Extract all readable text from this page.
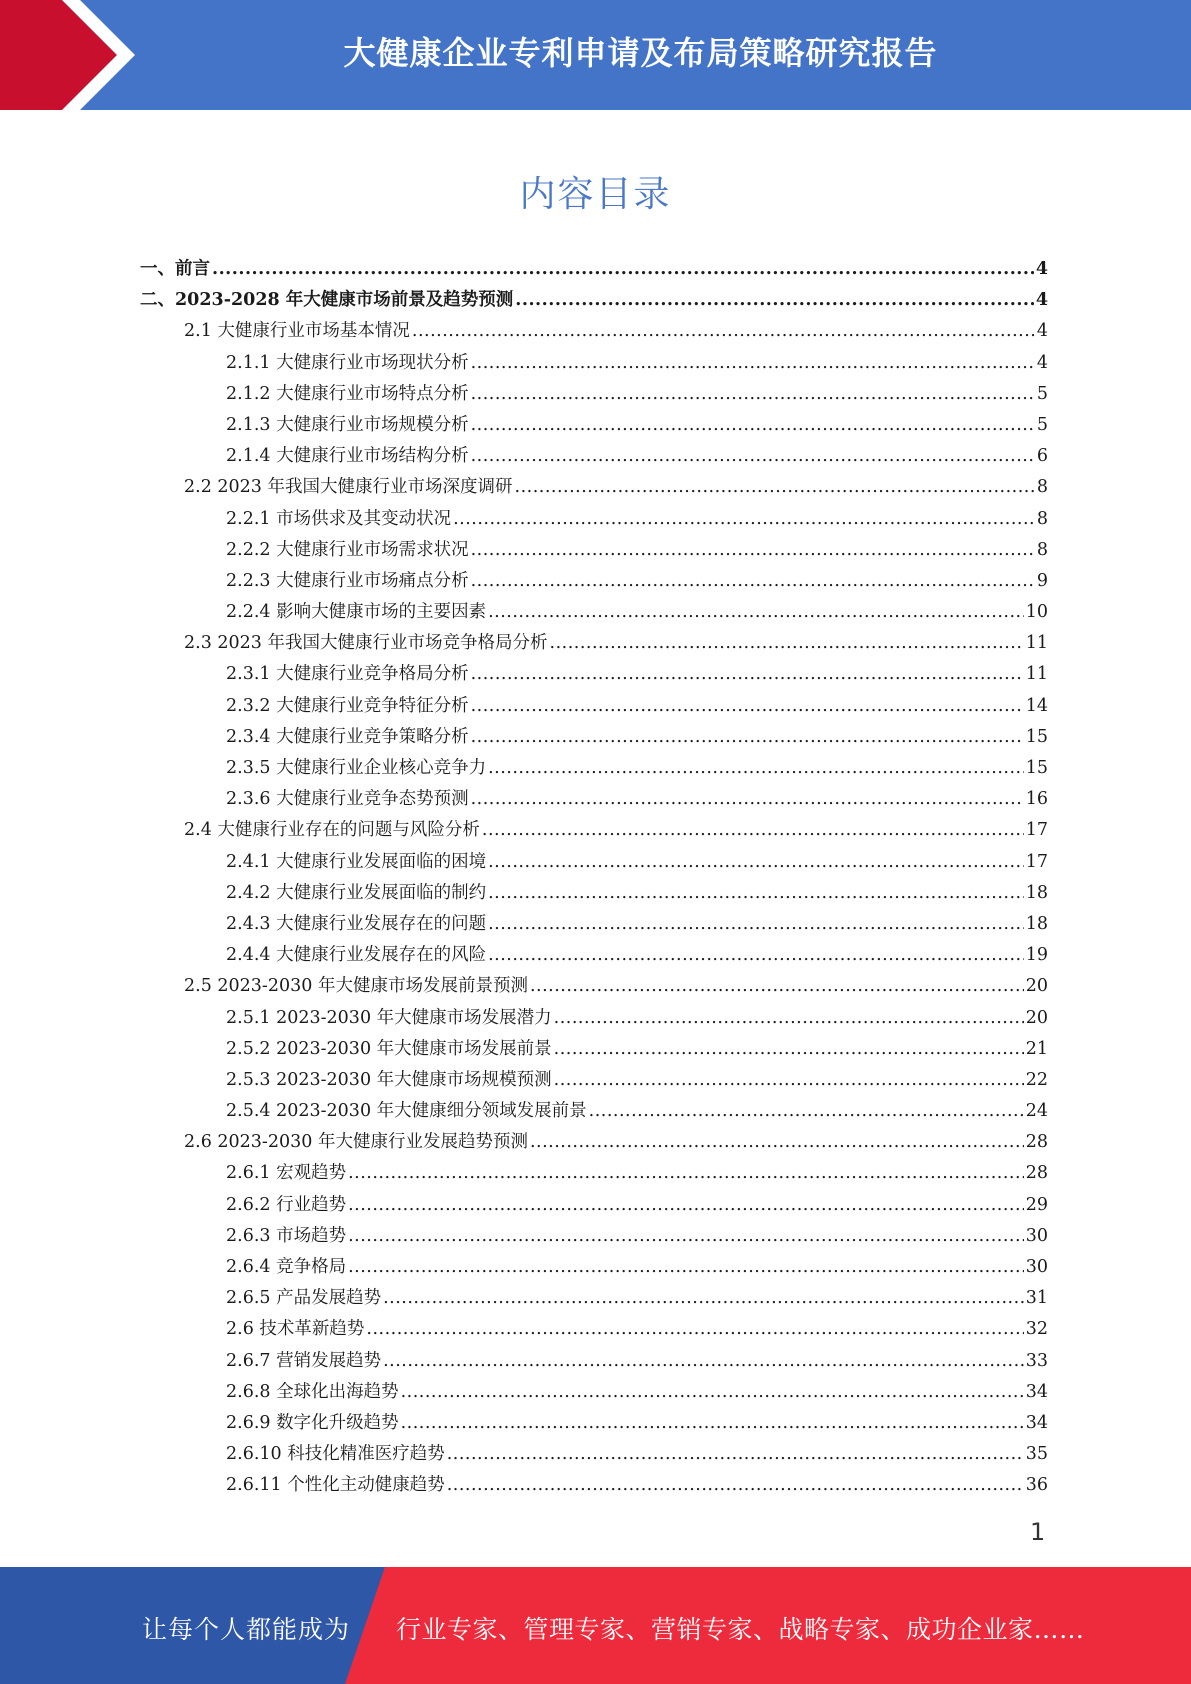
大健康企业专利申请及布局策略研究报告
内容目录
一、前言 .....	4
二、2023-2028 年大健康市场前景及趋势预测 .....	4
2.1 大健康行业市场基本情况 .....	4
2.1.1 大健康行业市场现状分析 .....	4
2.1.2 大健康行业市场特点分析 .....	5
2.1.3 大健康行业市场规模分析 .....	5
2.1.4 大健康行业市场结构分析 .....	6
2.2 2023 年我国大健康行业市场深度调研 .....	8
2.2.1 市场供求及其变动状况 .....	8
2.2.2 大健康行业市场需求状况 .....	8
2.2.3 大健康行业市场痛点分析 .....	9
2.2.4 影响大健康市场的主要因素 .....	10
2.3 2023 年我国大健康行业市场竞争格局分析 .....	11
2.3.1 大健康行业竞争格局分析 .....	11
2.3.2 大健康行业竞争特征分析 .....	14
2.3.4 大健康行业竞争策略分析 .....	15
2.3.5 大健康行业企业核心竞争力 .....	15
2.3.6 大健康行业竞争态势预测 .....	16
2.4 大健康行业存在的问题与风险分析 .....	17
2.4.1 大健康行业发展面临的困境 .....	17
2.4.2 大健康行业发展面临的制约 .....	18
2.4.3 大健康行业发展存在的问题 .....	18
2.4.4 大健康行业发展存在的风险 .....	19
2.5 2023-2030 年大健康市场发展前景预测 .....	20
2.5.1 2023-2030 年大健康市场发展潜力 .....	20
2.5.2 2023-2030 年大健康市场发展前景 .....	21
2.5.3 2023-2030 年大健康市场规模预测 .....	22
2.5.4 2023-2030 年大健康细分领域发展前景 .....	24
2.6 2023-2030 年大健康行业发展趋势预测 .....	28
2.6.1 宏观趋势 .....	28
2.6.2 行业趋势 .....	29
2.6.3 市场趋势 .....	30
2.6.4 竞争格局 .....	30
2.6.5 产品发展趋势 .....	31
2.6 技术革新趋势 .....	32
2.6.7 营销发展趋势 .....	33
2.6.8 全球化出海趋势 .....	34
2.6.9 数字化升级趋势 .....	34
2.6.10 科技化精准医疗趋势 .....	35
2.6.11 个性化主动健康趋势 .....	36
1
让每个人都能成为 行业专家、管理专家、营销专家、战略专家、成功企业家……
